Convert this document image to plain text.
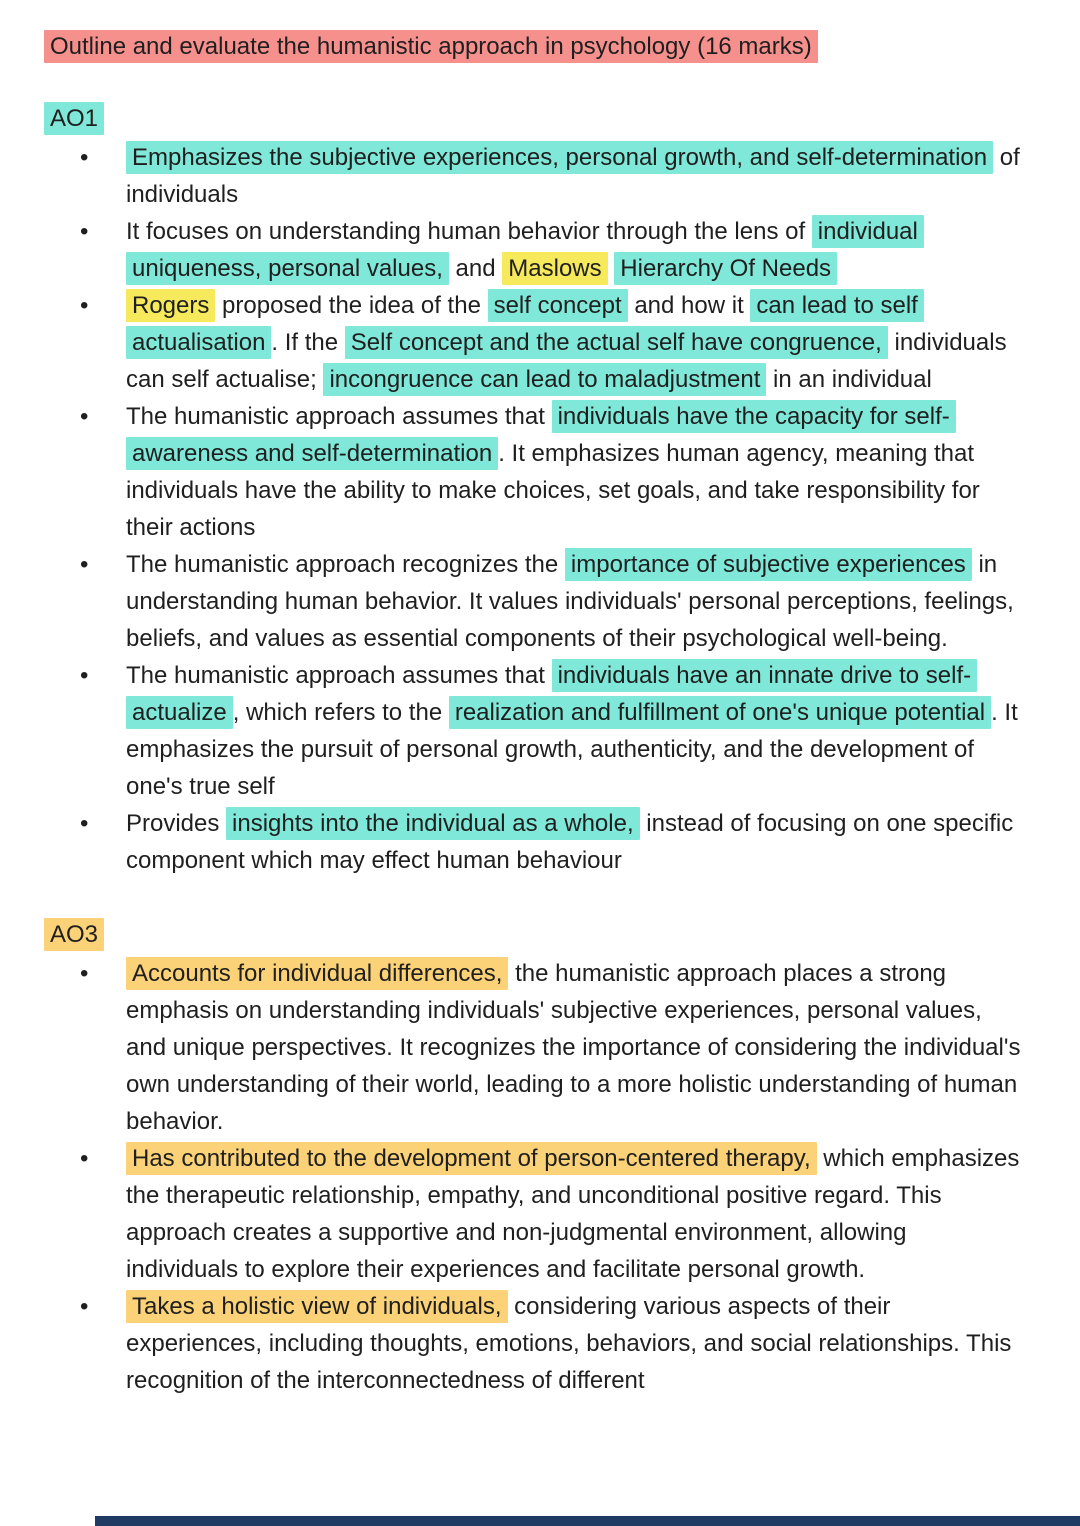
Outline and evaluate the humanistic approach in psychology (16 marks)
AO1
•	Emphasizes the subjective experiences, personal growth, and self-determination of individuals
•	It focuses on understanding human behavior through the lens of individual uniqueness, personal values, and Maslows Hierarchy Of Needs
•	Rogers proposed the idea of the self concept and how it can lead to self actualisation . If the Self concept and the actual self have congruence, individuals can self actualise; incongruence can lead to maladjustment in an individual
•	The humanistic approach assumes that individuals have the capacity for self-awareness and self-determination . It emphasizes human agency, meaning that individuals have the ability to make choices, set goals, and take responsibility for their actions
•	The humanistic approach recognizes the importance of subjective experiences in understanding human behavior. It values individuals' personal perceptions, feelings, beliefs, and values as essential components of their psychological well-being.
•	The humanistic approach assumes that individuals have an innate drive to self-actualize , which refers to the realization and fulfillment of one's unique potential . It emphasizes the pursuit of personal growth, authenticity, and the development of one's true self
•	Provides insights into the individual as a whole, instead of focusing on one specific component which may effect human behaviour
AO3
•	Accounts for individual differences, the humanistic approach places a strong emphasis on understanding individuals' subjective experiences, personal values, and unique perspectives. It recognizes the importance of considering the individual's own understanding of their world, leading to a more holistic understanding of human behavior.
•	Has contributed to the development of person-centered therapy, which emphasizes the therapeutic relationship, empathy, and unconditional positive regard. This approach creates a supportive and non-judgmental environment, allowing individuals to explore their experiences and facilitate personal growth.
•	Takes a holistic view of individuals, considering various aspects of their experiences, including thoughts, emotions, behaviors, and social relationships. This recognition of the interconnectedness of different
